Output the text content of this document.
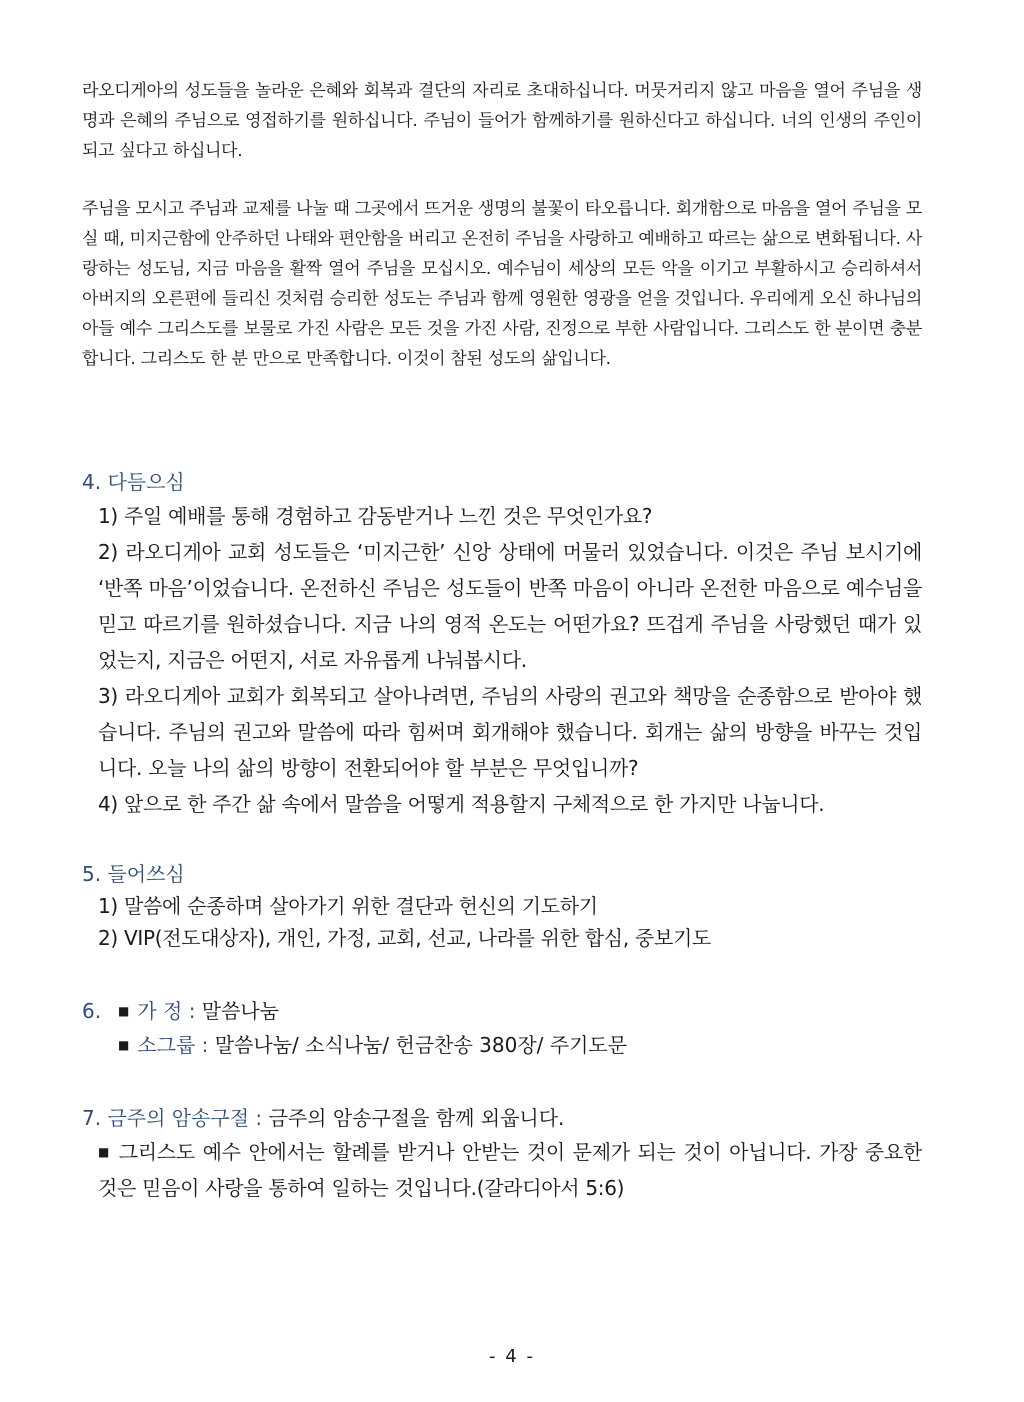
라오디게아의 성도들을 놀라운 은혜와 회복과 결단의 자리로 초대하십니다. 머뭇거리지 않고 마음을 열어 주님을 생명과 은혜의 주님으로 영접하기를 원하십니다. 주님이 들어가 함께하기를 원하신다고 하십니다. 너의 인생의 주인이 되고 싶다고 하십니다.

주님을 모시고 주님과 교제를 나눌 때 그곳에서 뜨거운 생명의 불꽃이 타오릅니다. 회개함으로 마음을 열어 주님을 모실 때, 미지근함에 안주하던 나태와 편안함을 버리고 온전히 주님을 사랑하고 예배하고 따르는 삶으로 변화됩니다. 사랑하는 성도님, 지금 마음을 활짝 열어 주님을 모십시오. 예수님이 세상의 모든 악을 이기고 부활하시고 승리하셔서 아버지의 오른편에 들리신 것처럼 승리한 성도는 주님과 함께 영원한 영광을 얻을 것입니다. 우리에게 오신 하나님의 아들 예수 그리스도를 보물로 가진 사람은 모든 것을 가진 사람, 진정으로 부한 사람입니다. 그리스도 한 분이면 충분합니다. 그리스도 한 분 만으로 만족합니다. 이것이 참된 성도의 삶입니다.

4. 다듬으심

1) 주일 예배를 통해 경험하고 감동받거나 느낀 것은 무엇인가요?

2) 라오디게아 교회 성도들은 ‘미지근한’ 신앙 상태에 머물러 있었습니다. 이것은 주님 보시기에 ‘반쪽 마음’이었습니다. 온전하신 주님은 성도들이 반쪽 마음이 아니라 온전한 마음으로 예수님을 믿고 따르기를 원하셨습니다. 지금 나의 영적 온도는 어떤가요? 뜨겁게 주님을 사랑했던 때가 있었는지, 지금은 어떤지, 서로 자유롭게 나눠봅시다.

3) 라오디게아 교회가 회복되고 살아나려면, 주님의 사랑의 권고와 책망을 순종함으로 받아야 했습니다. 주님의 권고와 말씀에 따라 힘써며 회개해야 했습니다. 회개는 삶의 방향을 바꾸는 것입니다. 오늘 나의 삶의 방향이 전환되어야 할 부분은 무엇입니까?

4) 앞으로 한 주간 삶 속에서 말씀을 어떻게 적용할지 구체적으로 한 가지만 나눕니다.

5. 들어쓰심

1) 말씀에 순종하며 살아가기 위한 결단과 헌신의 기도하기

2) VIP(전도대상자), 개인, 가정, 교회, 선교, 나라를 위한 합심, 중보기도

6. ■ 가 정 : 말씀나눔

■ 소그룹 : 말씀나눔/ 소식나눔/ 헌금찬송 380장/ 주기도문

7. 금주의 암송구절 : 금주의 암송구절을 함께 외웁니다.

■ 그리스도 예수 안에서는 할례를 받거나 안받는 것이 문제가 되는 것이 아닙니다. 가장 중요한 것은 믿음이 사랑을 통하여 일하는 것입니다.(갈라디아서 5:6)

- 4 -
